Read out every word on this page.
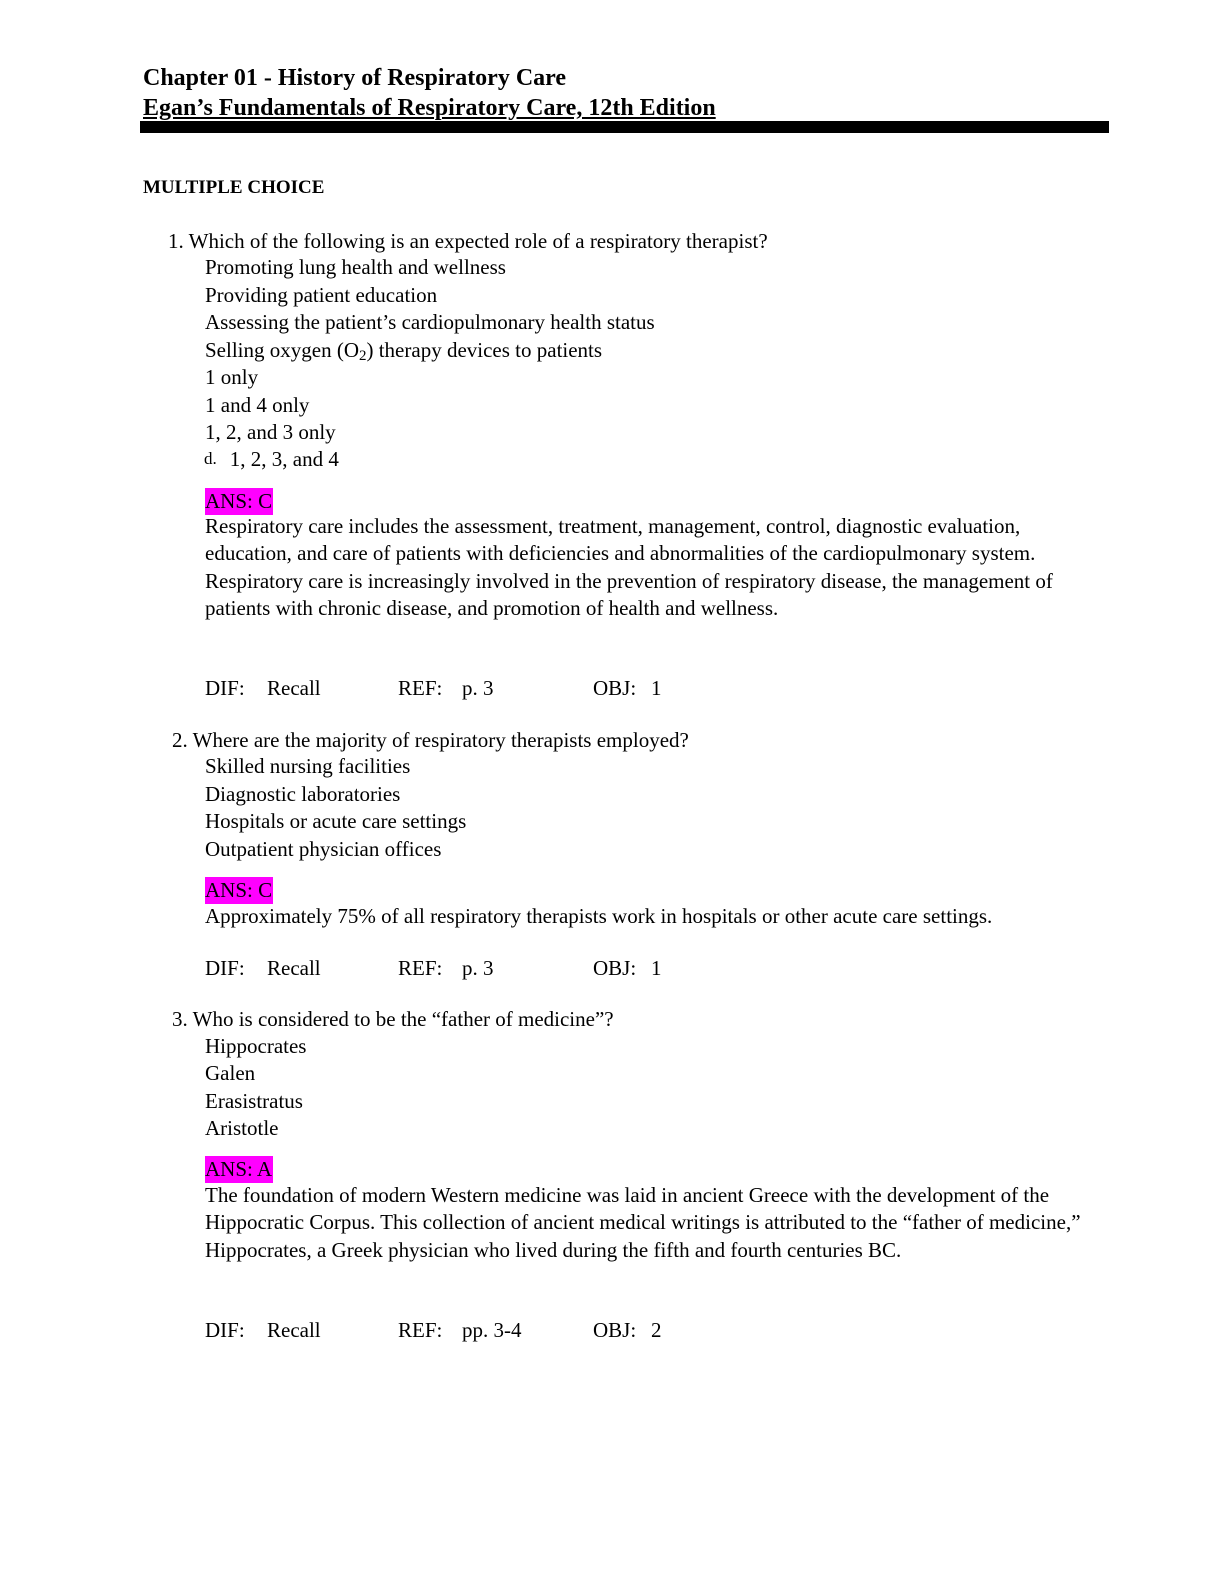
Chapter 01 - History of Respiratory Care
Egan’s Fundamentals of Respiratory Care, 12th Edition
MULTIPLE CHOICE
1. Which of the following is an expected role of a respiratory therapist?
Promoting lung health and wellness
Providing patient education
Assessing the patient’s cardiopulmonary health status
Selling oxygen $(O_2)$ therapy devices to patients
1 only
1 and 4 only
1, 2, and 3 only
d. 1, 2, 3, and 4
ANS: C
Respiratory care includes the assessment, treatment, management, control, diagnostic evaluation, education, and care of patients with deficiencies and abnormalities of the cardiopulmonary system. Respiratory care is increasingly involved in the prevention of respiratory disease, the management of patients with chronic disease, and promotion of health and wellness.
DIF: Recall	REF: p. 3	OBJ: 1
2. Where are the majority of respiratory therapists employed?
Skilled nursing facilities
Diagnostic laboratories
Hospitals or acute care settings
Outpatient physician offices
ANS: C
Approximately 75% of all respiratory therapists work in hospitals or other acute care settings.
DIF: Recall	REF: p. 3	OBJ: 1
3. Who is considered to be the “father of medicine”?
Hippocrates
Galen
Erasistratus
Aristotle
ANS: A
The foundation of modern Western medicine was laid in ancient Greece with the development of the Hippocratic Corpus. This collection of ancient medical writings is attributed to the “father of medicine,” Hippocrates, a Greek physician who lived during the fifth and fourth centuries BC.
DIF: Recall	REF: pp. 3-4	OBJ: 2
